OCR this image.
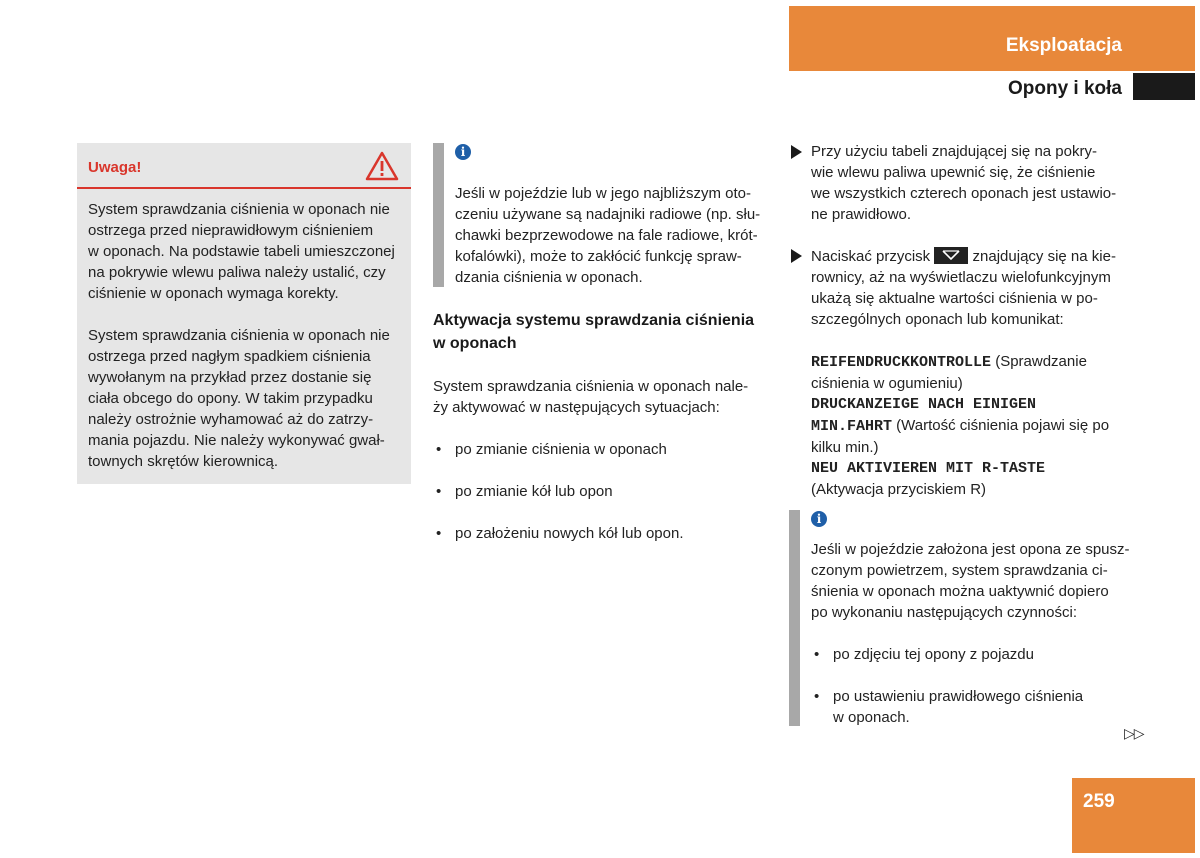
Eksploatacja
Opony i koła
Uwaga!
System sprawdzania ciśnienia w oponach nie
ostrzega przed nieprawidłowym ciśnieniem
w oponach. Na podstawie tabeli umieszczonej
na pokrywie wlewu paliwa należy ustalić, czy
ciśnienie w oponach wymaga korekty.
System sprawdzania ciśnienia w oponach nie
ostrzega przed nagłym spadkiem ciśnienia
wywołanym na przykład przez dostanie się
ciała obcego do opony. W takim przypadku
należy ostrożnie wyhamować aż do zatrzy-
mania pojazdu. Nie należy wykonywać gwał-
townych skrętów kierownicą.
i
Jeśli w pojeździe lub w jego najbliższym oto-
czeniu używane są nadajniki radiowe (np. słu-
chawki bezprzewodowe na fale radiowe, krót-
kofalówki), może to zakłócić funkcję spraw-
dzania ciśnienia w oponach.
Aktywacja systemu sprawdzania ciśnienia
w oponach
System sprawdzania ciśnienia w oponach nale-
ży aktywować w następujących sytuacjach:
• po zmianie ciśnienia w oponach
• po zmianie kół lub opon
• po założeniu nowych kół lub opon.
Przy użyciu tabeli znajdującej się na pokry-
wie wlewu paliwa upewnić się, że ciśnienie
we wszystkich czterech oponach jest ustawio-
ne prawidłowo.
Naciskać przycisk	znajdujący się na kie-
rownicy, aż na wyświetlaczu wielofunkcyjnym
ukażą się aktualne wartości ciśnienia w po-
szczególnych oponach lub komunikat:
REIFENDRUCKKONTROLLE (Sprawdzanie
ciśnienia w ogumieniu)
DRUCKANZEIGE NACH EINIGEN
MIN.FAHRT (Wartość ciśnienia pojawi się po
kilku min.)
NEU AKTIVIEREN MIT R-TASTE
(Aktywacja przyciskiem R)
i
Jeśli w pojeździe założona jest opona ze spusz-
czonym powietrzem, system sprawdzania ci-
śnienia w oponach można uaktywnić dopiero
po wykonaniu następujących czynności:
• po zdjęciu tej opony z pojazdu
• po ustawieniu prawidłowego ciśnienia
w oponach.
▷▷
259
